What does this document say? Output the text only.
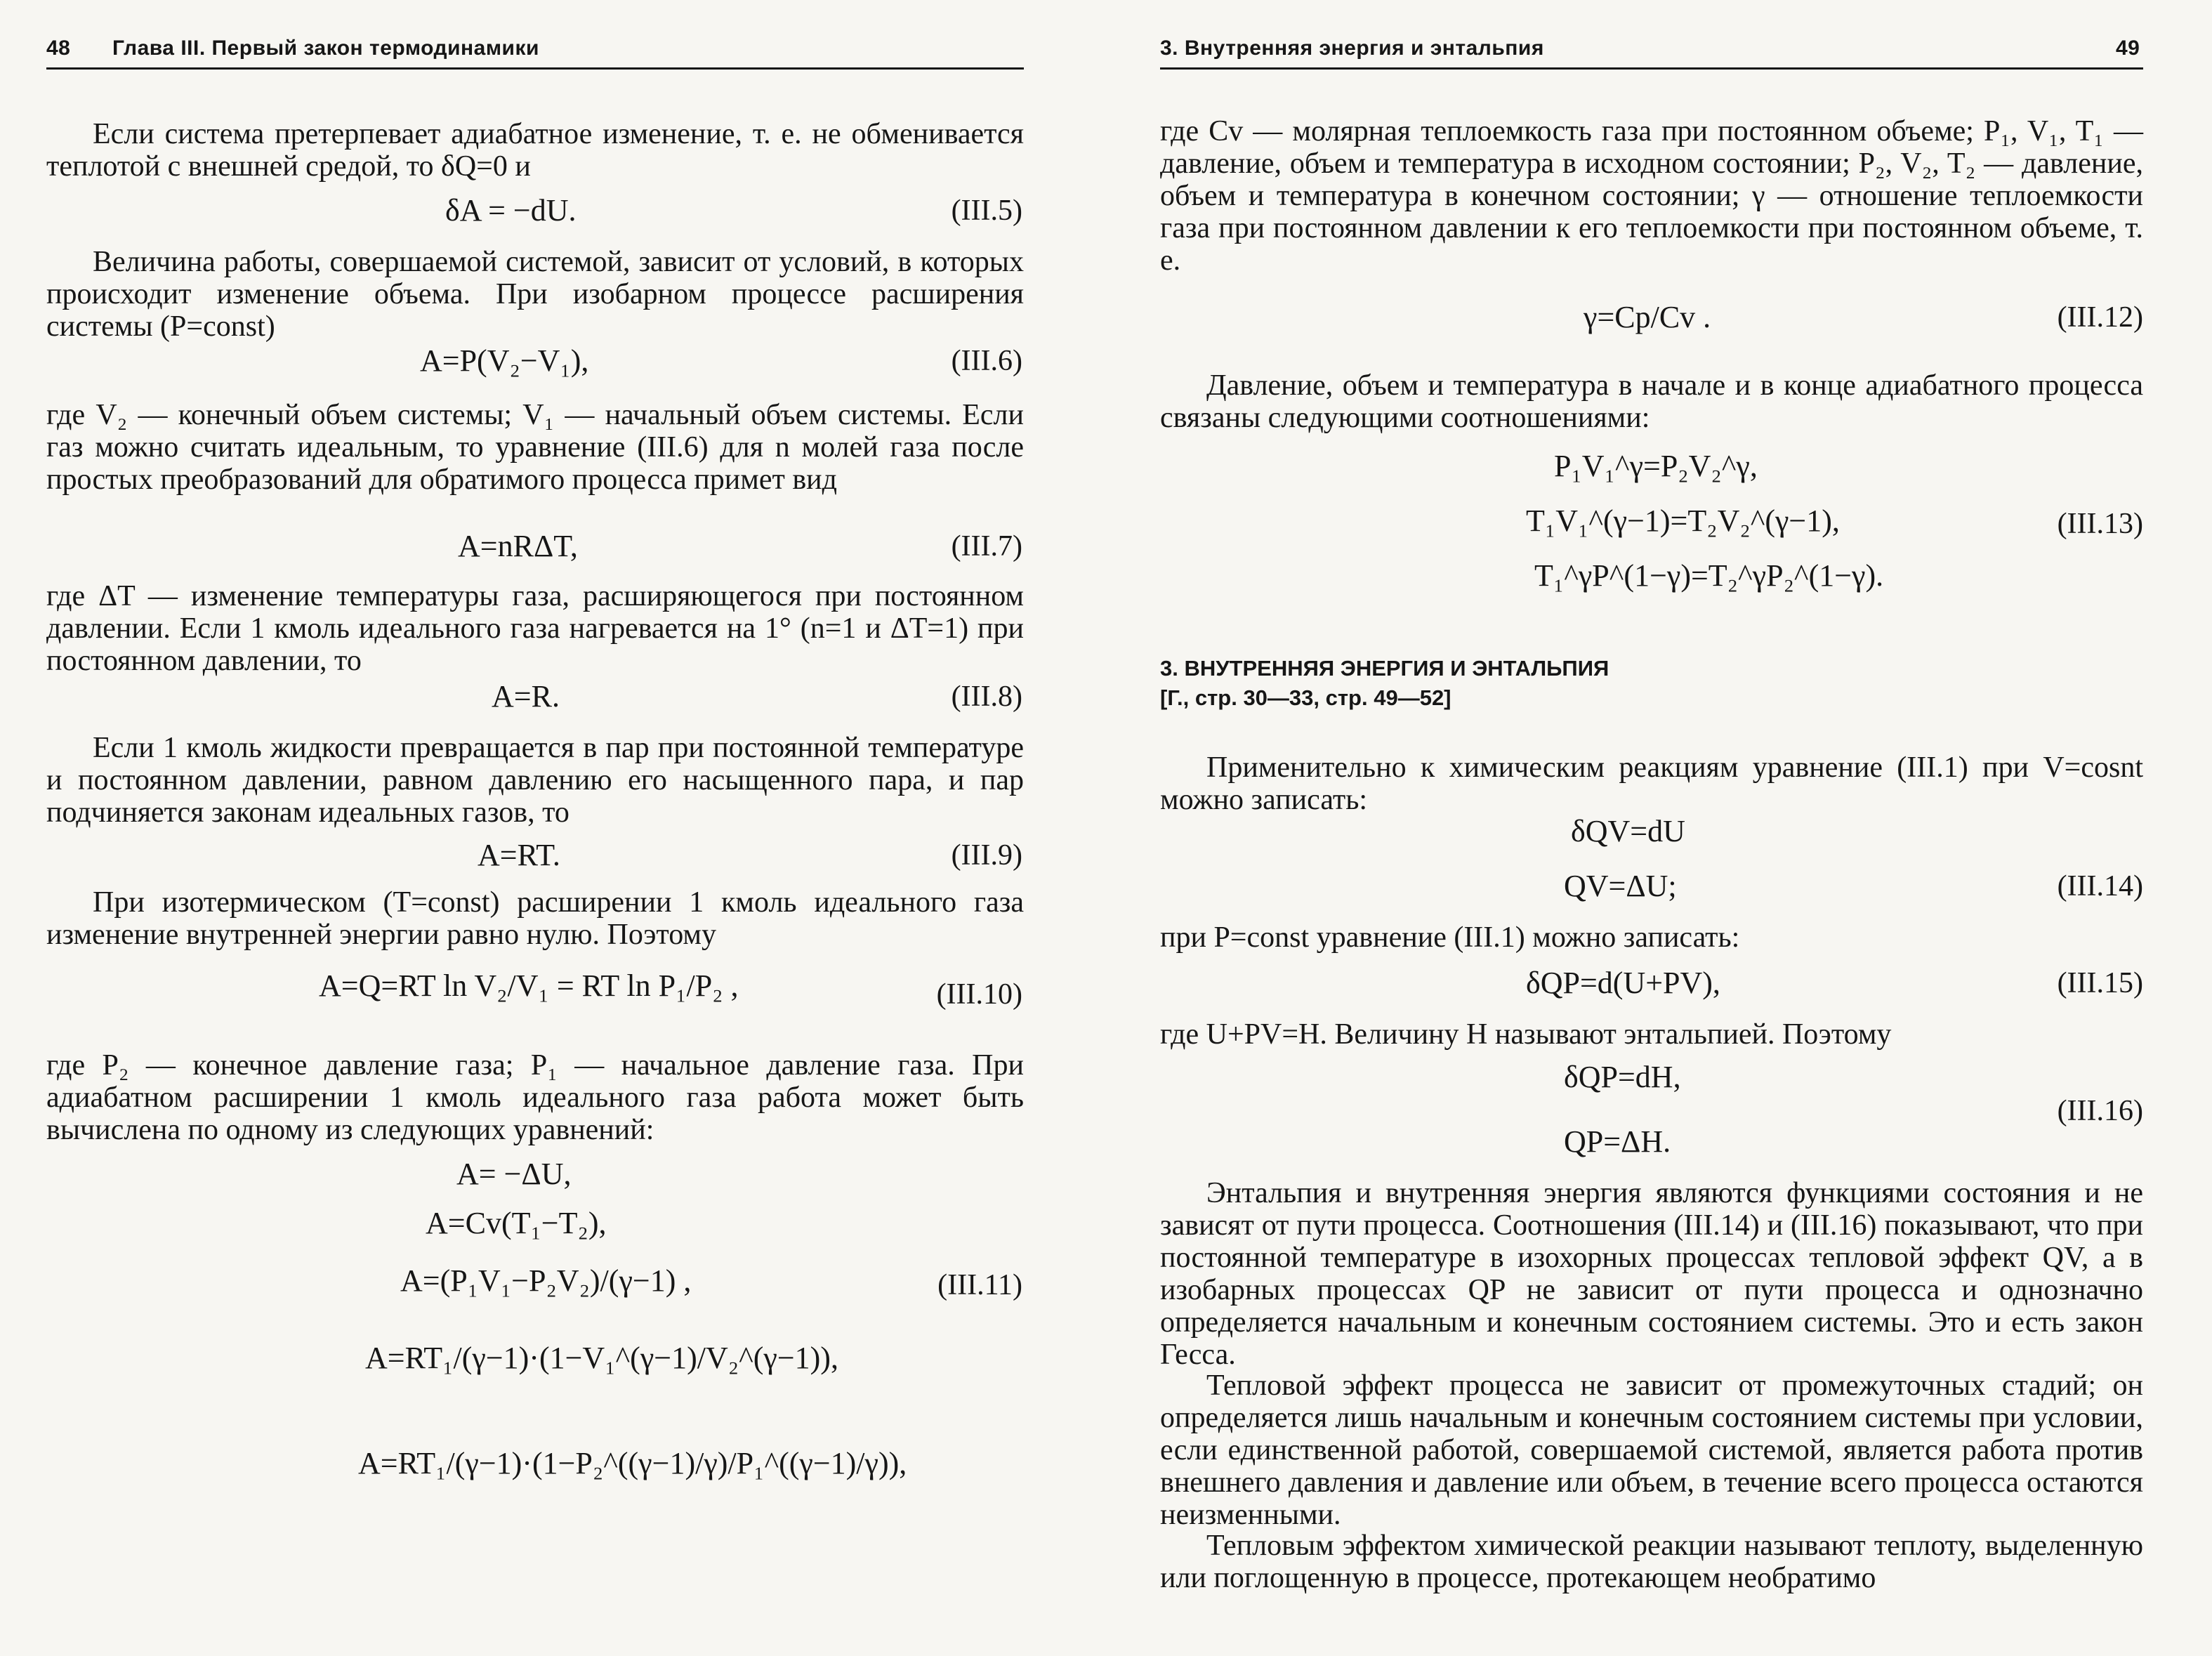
48 Глава III. Первый закон термодинамики
Если система претерпевает адиабатное изменение, т. е. не обменивается теплотой с внешней средой, то δQ=0 и
δA = −dU.	(III.5)
Величина работы, совершаемой системой, зависит от условий, в которых происходит изменение объема. При изобарном процессе расширения системы (P=const)
A=P(V₂−V₁),	(III.6)
где V₂ — конечный объем системы; V₁ — начальный объем системы. Если газ можно считать идеальным, то уравнение (III.6) для n молей газа после простых преобразований для обратимого процесса примет вид
A=nRΔT,	(III.7)
где ΔT — изменение температуры газа, расширяющегося при постоянном давлении. Если 1 кмоль идеального газа нагревается на 1° (n=1 и ΔT=1) при постоянном давлении, то
A=R.	(III.8)
Если 1 кмоль жидкости превращается в пар при постоянной температуре и постоянном давлении, равном давлению его насыщенного пара, и пар подчиняется законам идеальных газов, то
A=RT.	(III.9)
При изотермическом (T=const) расширении 1 кмоль идеального газа изменение внутренней энергии равно нулю. Поэтому
A=Q=RT ln V₂/V₁ = RT ln P₁/P₂ ,	(III.10)
где P₂ — конечное давление газа; P₁ — начальное давление газа. При адиабатном расширении 1 кмоль идеального газа работа может быть вычислена по одному из следующих уравнений:
A= −ΔU,
A=Cv(T₁−T₂),
A=(P₁V₁−P₂V₂)/(γ−1) ,	(III.11)
A=RT₁/(γ−1)·(1−V₁^(γ−1)/V₂^(γ−1)),
A=RT₁/(γ−1)·(1−P₂^((γ−1)/γ)/P₁^((γ−1)/γ)),
3. Внутренняя энергия и энтальпия	49
где Cv — молярная теплоемкость газа при постоянном объеме; P₁, V₁, T₁ — давление, объем и температура в исходном состоянии; P₂, V₂, T₂ — давление, объем и температура в конечном состоянии; γ — отношение теплоемкости газа при постоянном давлении к его теплоемкости при постоянном объеме, т. е.
γ=Cp/Cv .	(III.12)
Давление, объем и температура в начале и в конце адиабатного процесса связаны следующими соотношениями:
P₁V₁^γ=P₂V₂^γ,
T₁V₁^(γ−1)=T₂V₂^(γ−1),
T₁^γP^(1−γ)=T₂^γP₂^(1−γ).
(III.13)
3. ВНУТРЕННЯЯ ЭНЕРГИЯ И ЭНТАЛЬПИЯ
[Г., стр. 30—33, стр. 49—52]
Применительно к химическим реакциям уравнение (III.1) при V=cosnt можно записать:
δQV=dU
QV=ΔU;	(III.14)
при P=const уравнение (III.1) можно записать:
δQP=d(U+PV),	(III.15)
где U+PV=H. Величину H называют энтальпией. Поэтому
δQP=dH,
QP=ΔH.
(III.16)
Энтальпия и внутренняя энергия являются функциями состояния и не зависят от пути процесса. Соотношения (III.14) и (III.16) показывают, что при постоянной температуре в изохорных процессах тепловой эффект QV, а в изобарных процессах QP не зависит от пути процесса и однозначно определяется начальным и конечным состоянием системы. Это и есть закон Гесса.
Тепловой эффект процесса не зависит от промежуточных стадий; он определяется лишь начальным и конечным состоянием системы при условии, если единственной работой, совершаемой системой, является работа против внешнего давления и давление или объем, в течение всего процесса остаются неизменными.
Тепловым эффектом химической реакции называют теплоту, выделенную или поглощенную в процессе, протекающем необратимо
